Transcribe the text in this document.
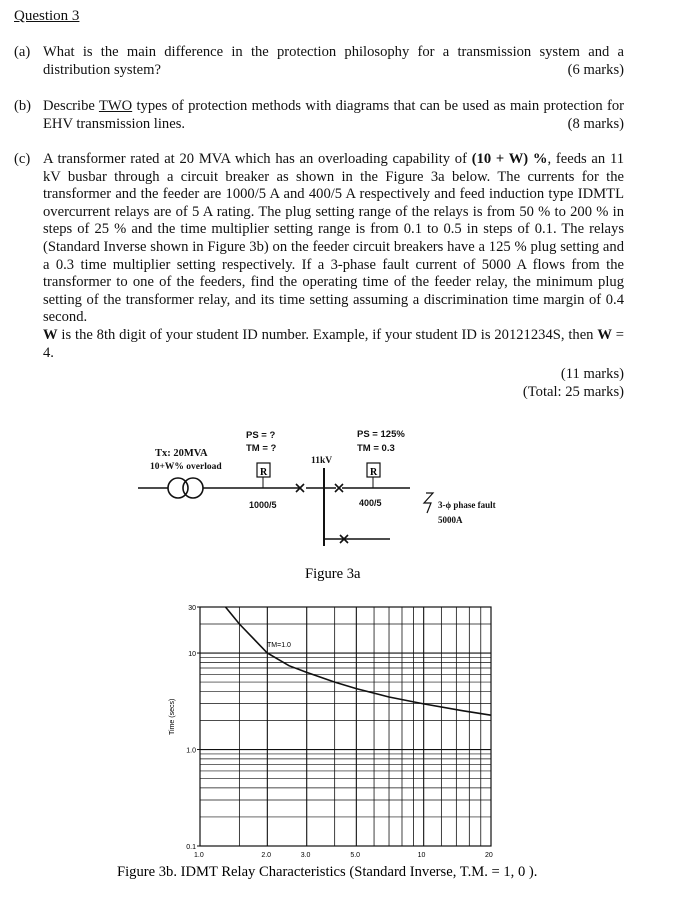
Question 3
(a) What is the main difference in the protection philosophy for a transmission system and a distribution system?	(6 marks)
(b) Describe TWO types of protection methods with diagrams that can be used as main protection for EHV transmission lines.	(8 marks)
(c) A transformer rated at 20 MVA which has an overloading capability of (10 + W) %, feeds an 11 kV busbar through a circuit breaker as shown in the Figure 3a below. The currents for the transformer and the feeder are 1000/5 A and 400/5 A respectively and feed induction type IDMTL overcurrent relays are of 5 A rating. The plug setting range of the relays is from 50 % to 200 % in steps of 25 % and the time multiplier setting range is from 0.1 to 0.5 in steps of 0.1. The relays (Standard Inverse shown in Figure 3b) on the feeder circuit breakers have a 125 % plug setting and a 0.3 time multiplier setting respectively. If a 3-phase fault current of 5000 A flows from the transformer to one of the feeders, find the operating time of the feeder relay, the minimum plug setting of the transformer relay, and its time setting assuming a discrimination time margin of 0.4 second.
W is the 8th digit of your student ID number. Example, if your student ID is 20121234S, then W = 4.
(11 marks)
(Total: 25 marks)
Tx: 20MVA
10+W% overload
PS = ?
TM = ?
11kV
PS = 125%
TM = 0.3
1000/5	400/5	3-ϕ phase fault
5000A
R	R
Figure 3a
1.0	2.0	3.0	5.0	10	20
30
10
1.0
0.1
Time (secs)
TM=1.0
Figure 3b. IDMT Relay Characteristics (Standard Inverse, T.M. = 1, 0 ).
